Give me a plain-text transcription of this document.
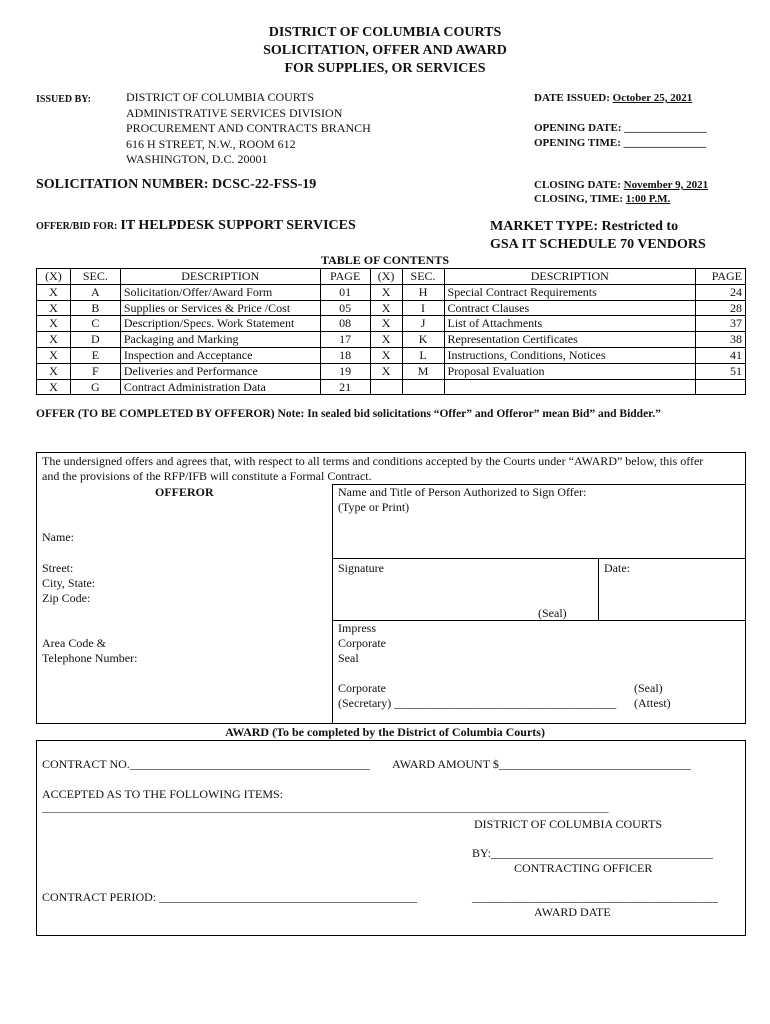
DISTRICT OF COLUMBIA COURTS
SOLICITATION, OFFER AND AWARD
FOR SUPPLIES, OR SERVICES
ISSUED BY:	DISTRICT OF COLUMBIA COURTS
ADMINISTRATIVE SERVICES DIVISION
PROCUREMENT AND CONTRACTS BRANCH
616 H STREET, N.W., ROOM 612
WASHINGTON, D.C. 20001
DATE ISSUED: October 25, 2021
OPENING DATE: _______________
OPENING TIME: _______________
CLOSING DATE: November 9, 2021
CLOSING, TIME: 1:00 P.M.
SOLICITATION NUMBER: DCSC-22-FSS-19
OFFER/BID FOR: IT HELPDESK SUPPORT SERVICES	MARKET TYPE: Restricted to
GSA IT SCHEDULE 70 VENDORS
TABLE OF CONTENTS
(X)	SEC.	DESCRIPTION	PAGE	(X)	SEC.	DESCRIPTION	PAGE
X	A	Solicitation/Offer/Award Form	01	X	H	Special Contract Requirements	24
X	B	Supplies or Services & Price /Cost	05	X	I	Contract Clauses	28
X	C	Description/Specs. Work Statement	08	X	J	List of Attachments	37
X	D	Packaging and Marking	17	X	K	Representation Certificates	38
X	E	Inspection and Acceptance	18	X	L	Instructions, Conditions, Notices	41
X	F	Deliveries and Performance	19	X	M	Proposal Evaluation	51
X	G	Contract Administration Data	21				
OFFER (TO BE COMPLETED BY OFFEROR) Note: In sealed bid solicitations “Offer” and Offeror” mean Bid” and Bidder.”
The undersigned offers and agrees that, with respect to all terms and conditions accepted by the Courts under “AWARD” below, this offer
and the provisions of the RFP/IFB will constitute a Formal Contract.
OFFEROR	Name and Title of Person Authorized to Sign Offer:
(Type or Print)
Name:
Street:
City, State:
Zip Code:
Signature	Date:
(Seal)
Area Code &
Telephone Number:
Impress
Corporate
Seal
Corporate	(Seal)
(Secretary) _____________________________________ (Attest)
AWARD (To be completed by the District of Columbia Courts)
CONTRACT NO.________________________________________ AWARD AMOUNT $________________________________
ACCEPTED AS TO THE FOLLOWING ITEMS:
______________________________________________________________________________________________________________________
DISTRICT OF COLUMBIA COURTS
BY:_____________________________________
CONTRACTING OFFICER
CONTRACT PERIOD: ___________________________________________	_________________________________________
AWARD DATE
